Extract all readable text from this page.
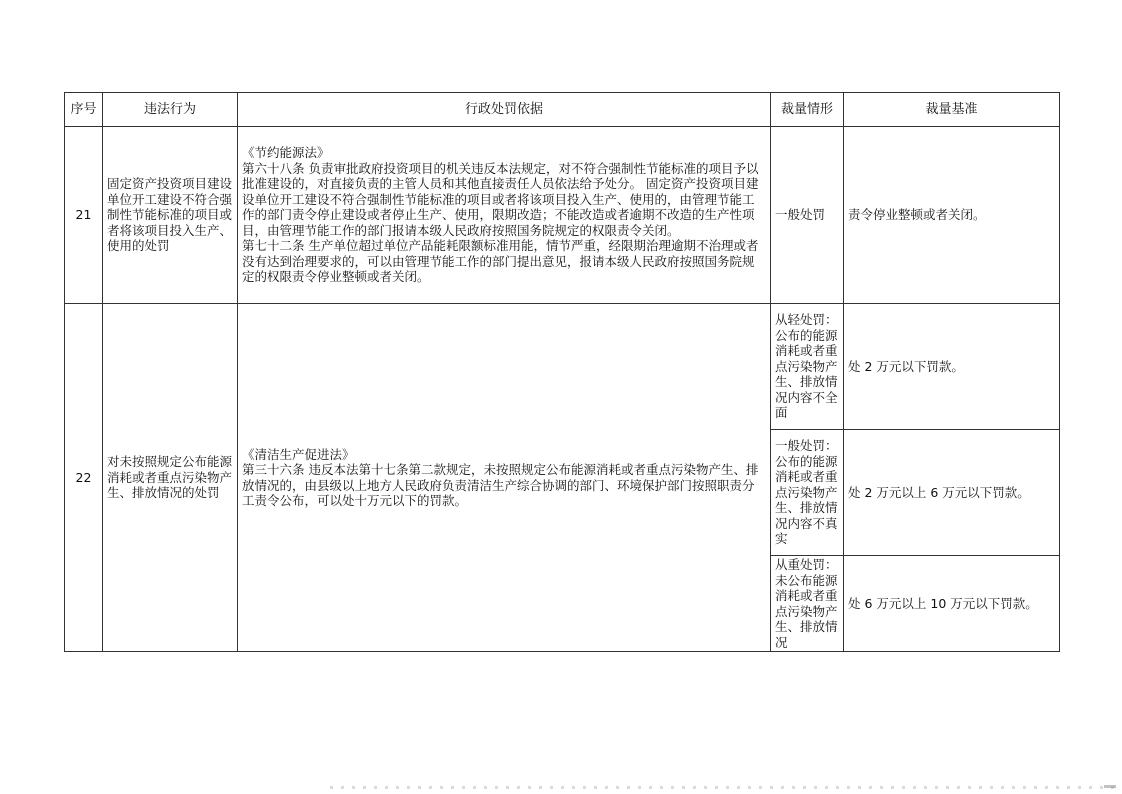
序号	违法行为	行政处罚依据	裁量情形	裁量基准
21	固定资产投资项目建设单位开工建设不符合强制性节能标准的项目或者将该项目投入生产、使用的处罚	《节约能源法》

第六十八条 负责审批政府投资项目的机关违反本法规定，对不符合强制性节能标准的项目予以批准建设的，对直接负责的主管人员和其他直接责任人员依法给予处分。 固定资产投资项目建设单位开工建设不符合强制性节能标准的项目或者将该项目投入生产、使用的，由管理节能工作的部门责令停止建设或者停止生产、使用，限期改造；不能改造或者逾期不改造的生产性项目，由管理节能工作的部门报请本级人民政府按照国务院规定的权限责令关闭。

第七十二条 生产单位超过单位产品能耗限额标准用能，情节严重，经限期治理逾期不治理或者没有达到治理要求的，可以由管理节能工作的部门提出意见，报请本级人民政府按照国务院规定的权限责令停业整顿或者关闭。	一般处罚	责令停业整顿或者关闭。
22	对未按照规定公布能源消耗或者重点污染物产生、排放情况的处罚	《清洁生产促进法》

第三十六条 违反本法第十七条第二款规定，未按照规定公布能源消耗或者重点污染物产生、排放情况的，由县级以上地方人民政府负责清洁生产综合协调的部门、环境保护部门按照职责分工责令公布，可以处十万元以下的罚款。	从轻处罚：公布的能源消耗或者重点污染物产生、排放情况内容不全面	处 2 万元以下罚款。
			一般处罚：公布的能源消耗或者重点污染物产生、排放情况内容不真实	处 2 万元以上 6 万元以下罚款。
			从重处罚：未公布能源消耗或者重点污染物产生、排放情况	处 6 万元以上 10 万元以下罚款。
